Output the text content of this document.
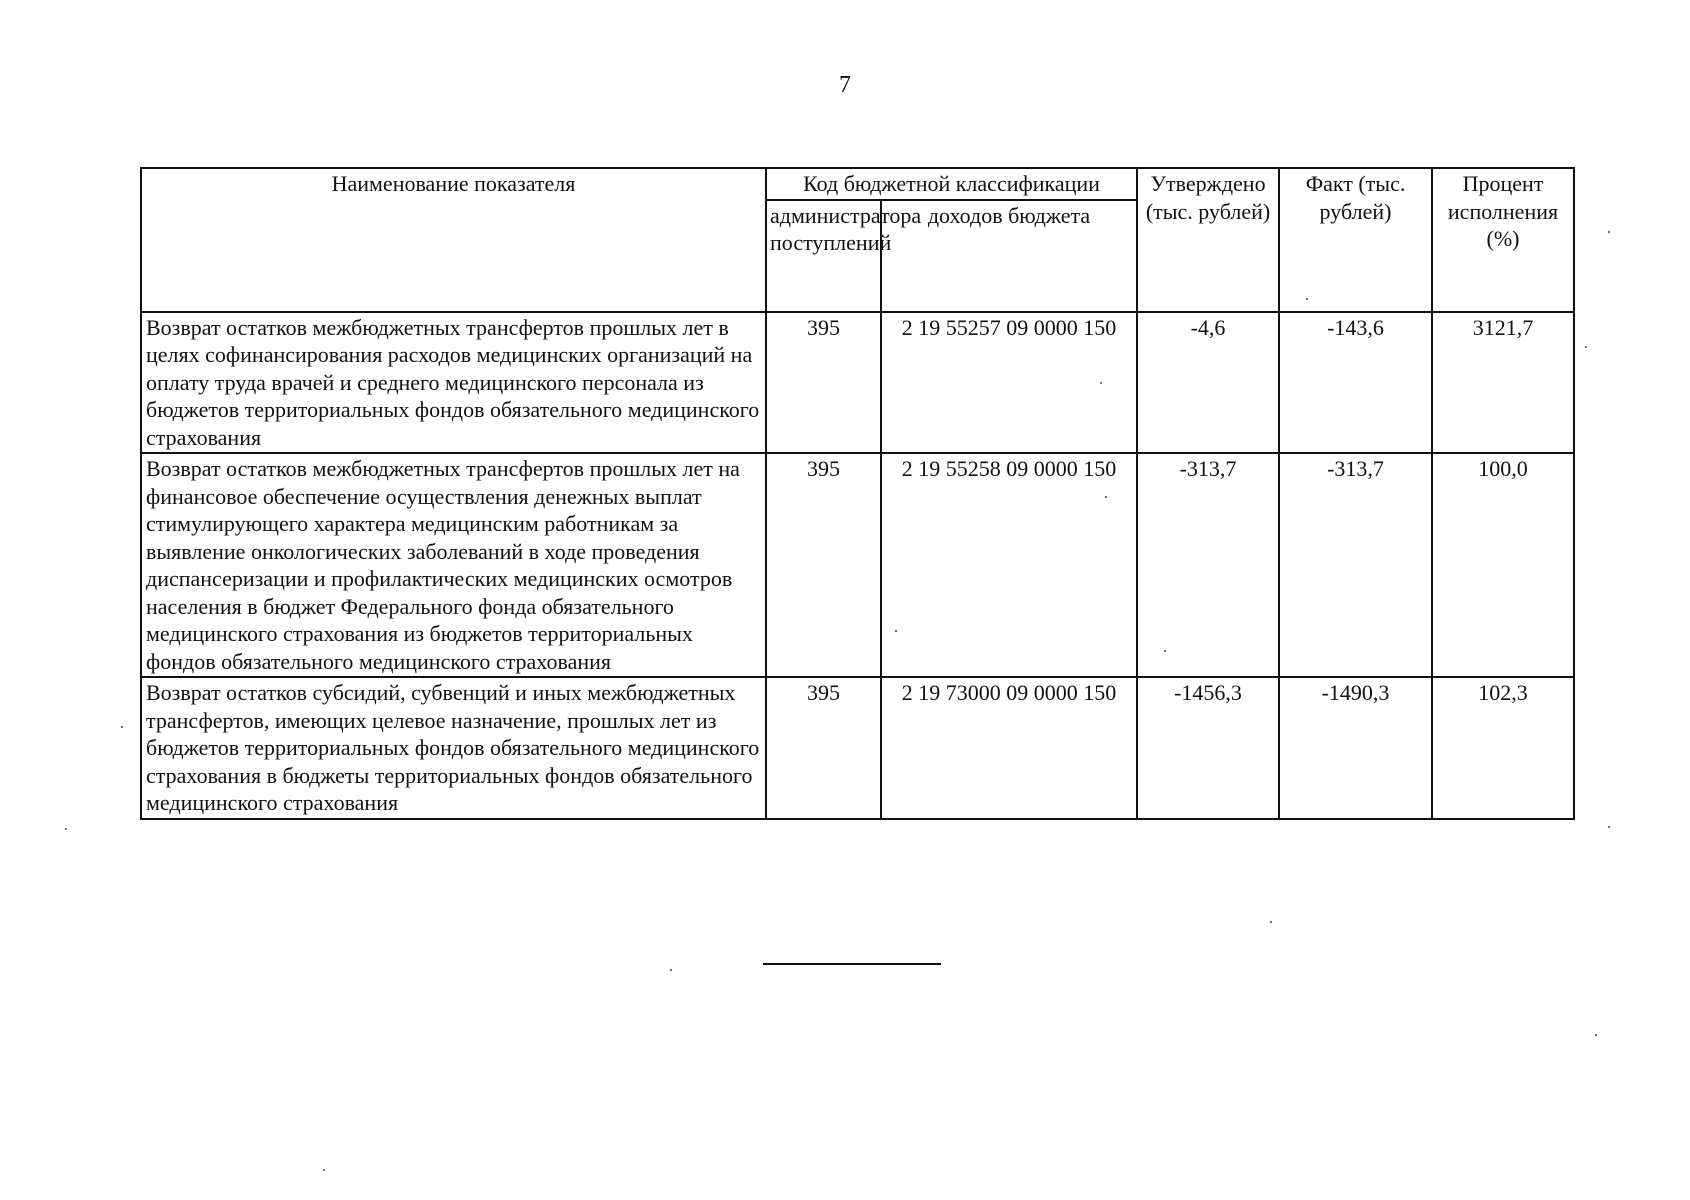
7
Наименование показателя	Код бюджетной классификации		Утверждено (тыс. рублей)	Факт (тыс. рублей)	Процент исполнения (%)
	администратора поступлений	доходов бюджета			
Возврат остатков межбюджетных трансфертов прошлых лет в целях софинансирования расходов медицинских организаций на оплату труда врачей и среднего медицинского персонала из бюджетов территориальных фондов обязательного медицинского страхования	395	2 19 55257 09 0000 150	-4,6	-143,6	3121,7
Возврат остатков межбюджетных трансфертов прошлых лет на финансовое обеспечение осуществления денежных выплат стимулирующего характера медицинским работникам за выявление онкологических заболеваний в ходе проведения диспансеризации и профилактических медицинских осмотров населения в бюджет Федерального фонда обязательного медицинского страхования из бюджетов территориальных фондов обязательного медицинского страхования	395	2 19 55258 09 0000 150	-313,7	-313,7	100,0
Возврат остатков субсидий, субвенций и иных межбюджетных трансфертов, имеющих целевое назначение, прошлых лет из бюджетов территориальных фондов обязательного медицинского страхования в бюджеты территориальных фондов обязательного медицинского страхования	395	2 19 73000 09 0000 150	-1456,3	-1490,3	102,3
